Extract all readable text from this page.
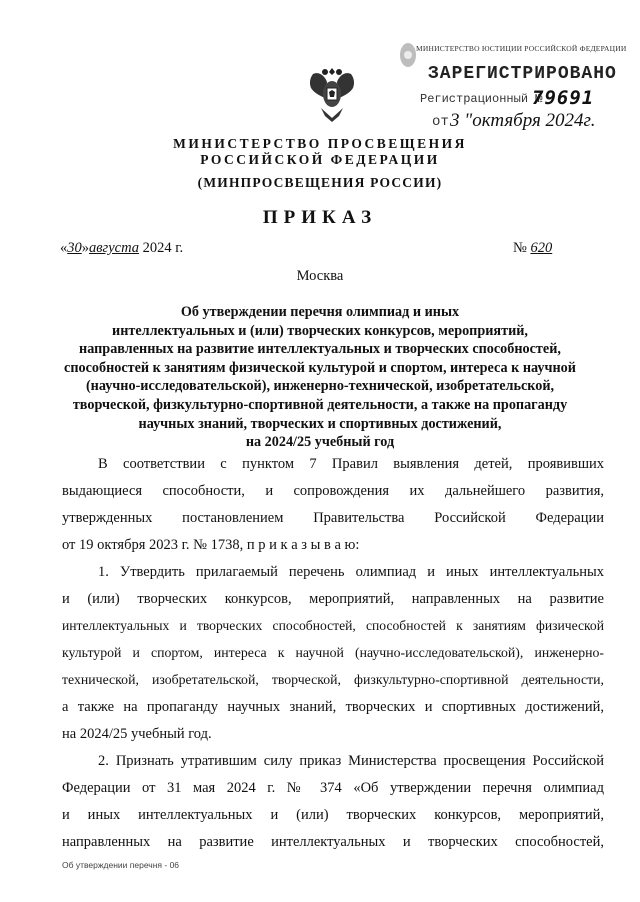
МИНИСТЕРСТВО ЮСТИЦИИ РОССИЙСКОЙ ФЕДЕРАЦИИ
ЗАРЕГИСТРИРОВАНО
Регистрационный №
79691
от 3 "октября 2024г.
МИНИСТЕРСТВО ПРОСВЕЩЕНИЯ
РОССИЙСКОЙ ФЕДЕРАЦИИ
(МИНПРОСВЕЩЕНИЯ РОССИИ)
ПРИКАЗ
«30»августа 2024 г.	№ 620
Москва
Об утверждении перечня олимпиад и иных
интеллектуальных и (или) творческих конкурсов, мероприятий,
направленных на развитие интеллектуальных и творческих способностей,
способностей к занятиям физической культурой и спортом, интереса к научной
(научно-исследовательской), инженерно-технической, изобретательской,
творческой, физкультурно-спортивной деятельности, а также на пропаганду
научных знаний, творческих и спортивных достижений,
на 2024/25 учебный год
В соответствии с пунктом 7 Правил выявления детей, проявивших
выдающиеся способности, и сопровождения их дальнейшего развития,
утвержденных постановлением Правительства Российской Федерации
от 19 октября 2023 г. № 1738, п р и к а з ы в а ю:
1. Утвердить прилагаемый перечень олимпиад и иных интеллектуальных
и (или) творческих конкурсов, мероприятий, направленных на развитие
интеллектуальных и творческих способностей, способностей к занятиям физической
культурой и спортом, интереса к научной (научно-исследовательской), инженерно-
технической, изобретательской, творческой, физкультурно-спортивной деятельности,
а также на пропаганду научных знаний, творческих и спортивных достижений,
на 2024/25 учебный год.
2. Признать утратившим силу приказ Министерства просвещения Российской
Федерации от 31 мая 2024 г. № 374 «Об утверждении перечня олимпиад
и иных интеллектуальных и (или) творческих конкурсов, мероприятий,
направленных на развитие интеллектуальных и творческих способностей,
Об утверждении перечня - 06
